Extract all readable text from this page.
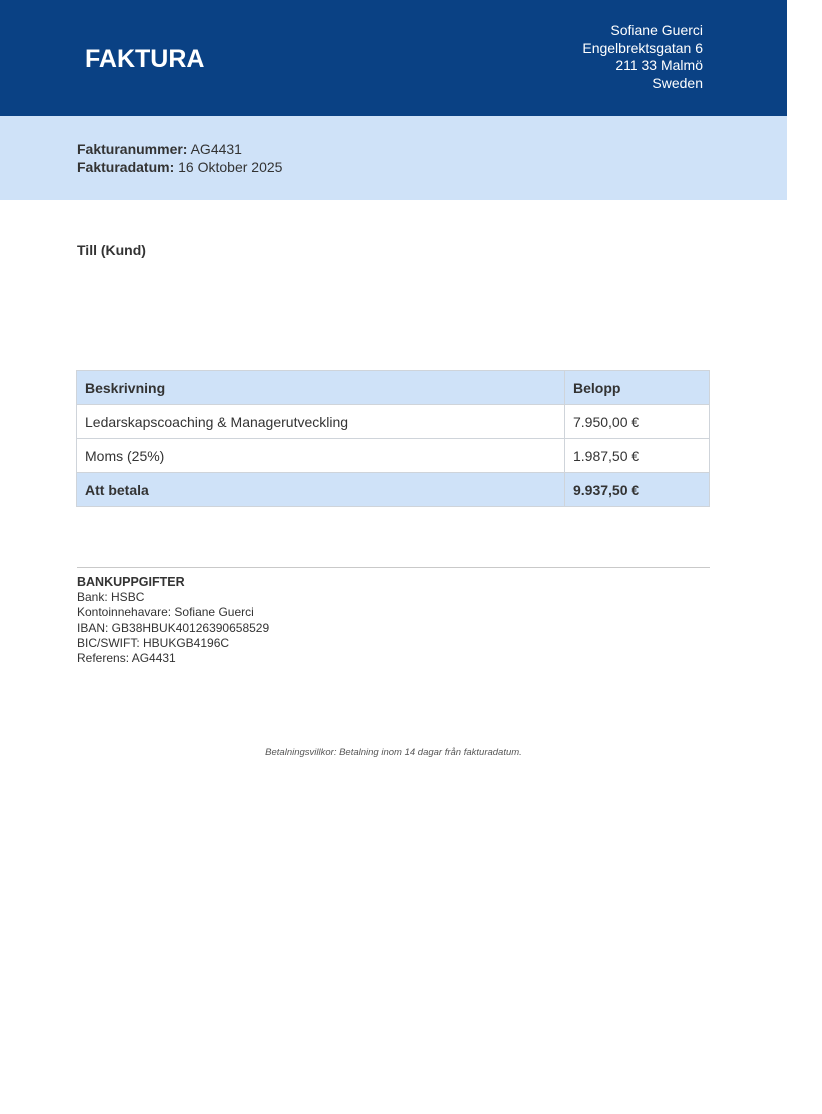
FAKTURA
Sofiane Guerci
Engelbrektsgatan 6
211 33 Malmö
Sweden
Fakturanummer: AG4431
Fakturadatum: 16 Oktober 2025
Till (Kund)
Beskrivning	Belopp
Ledarskapscoaching & Managerutveckling	7.950,00 €
Moms (25%)	1.987,50 €
Att betala	9.937,50 €
BANKUPPGIFTER
Bank: HSBC
Kontoinnehavare: Sofiane Guerci
IBAN: GB38HBUK40126390658529
BIC/SWIFT: HBUKGB4196C
Referens: AG4431
Betalningsvillkor: Betalning inom 14 dagar från fakturadatum.
